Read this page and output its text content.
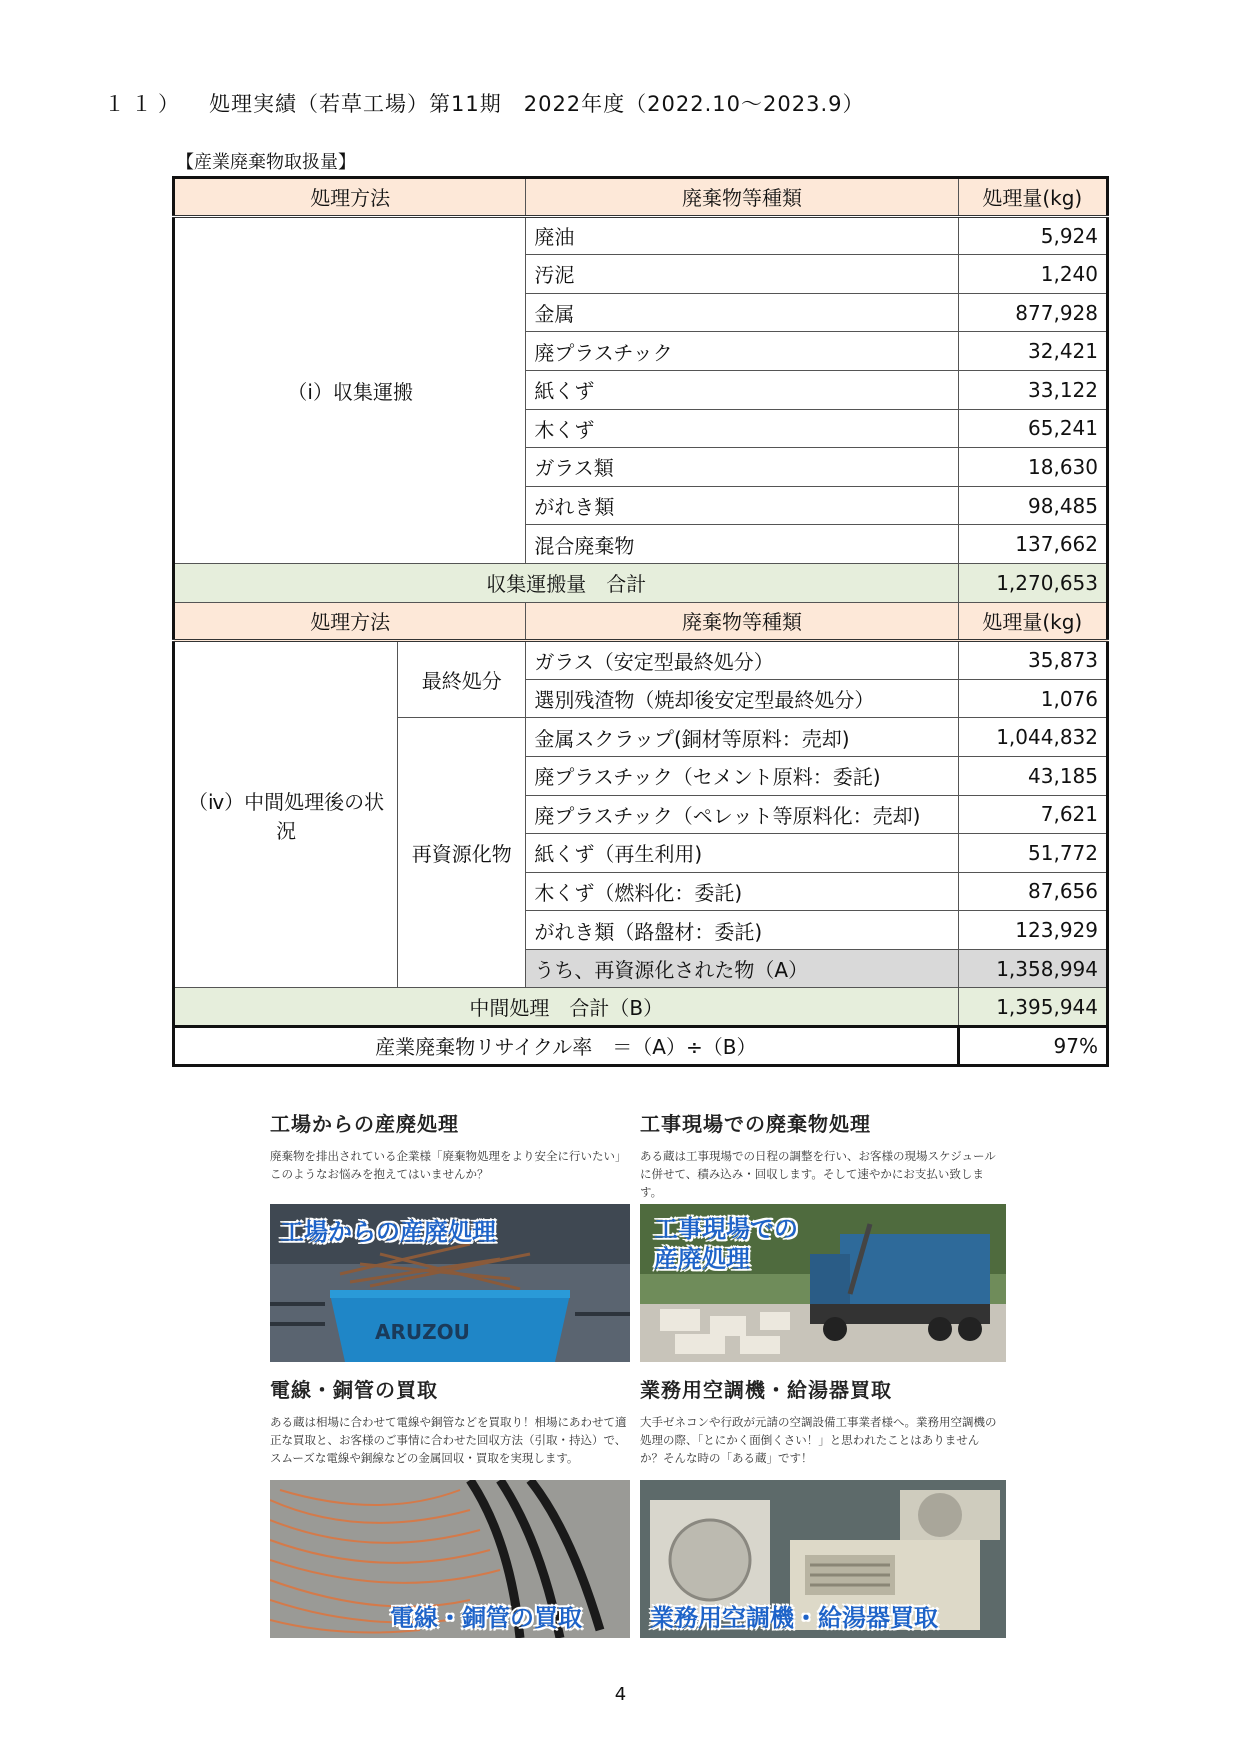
１１） 処理実績（若草工場）第11期　2022年度（2022.10～2023.9）
【産業廃棄物取扱量】
処理方法		廃棄物等種類	処理量(kg)
（ⅰ）収集運搬		廃油	5,924
		汚泥	1,240
		金属	877,928
		廃プラスチック	32,421
		紙くず	33,122
		木くず	65,241
		ガラス類	18,630
		がれき類	98,485
		混合廃棄物	137,662
収集運搬量　合計			1,270,653
処理方法		廃棄物等種類	処理量(kg)
（ⅳ）中間処理後の状況	最終処分	ガラス（安定型最終処分）	35,873
		選別残渣物（焼却後安定型最終処分）	1,076
	再資源化物	金属スクラップ(銅材等原料：売却)	1,044,832
		廃プラスチック（セメント原料：委託)	43,185
		廃プラスチック（ペレット等原料化：売却)	7,621
		紙くず（再生利用)	51,772
		木くず（燃料化：委託)	87,656
		がれき類（路盤材：委託)	123,929
		うち、再資源化された物（A）	1,358,994
中間処理　合計（B）			1,395,944
産業廃棄物リサイクル率　＝（A）÷（B）			97%
工場からの産廃処理

廃棄物を排出されている企業様「廃棄物処理をより安全に行いたい」このようなお悩みを抱えてはいませんか？

ARUZOU
工場からの産廃処理
工事現場での廃棄物処理

ある蔵は工事現場での日程の調整を行い、お客様の現場スケジュールに併せて、積み込み・回収します。そして速やかにお支払い致します。

工事現場での
産廃処理
電線・銅管の買取

ある蔵は相場に合わせて電線や銅管などを買取り！相場にあわせて適正な買取と、お客様のご事情に合わせた回収方法（引取・持込）で、スムーズな電線や銅線などの金属回収・買取を実現します。

電線・銅管の買取
業務用空調機・給湯器買取

大手ゼネコンや行政が元請の空調設備工事業者様へ。業務用空調機の処理の際、「とにかく面倒くさい！」と思われたことはありませんか？そんな時の「ある蔵」です！

業務用空調機・給湯器買取
4
